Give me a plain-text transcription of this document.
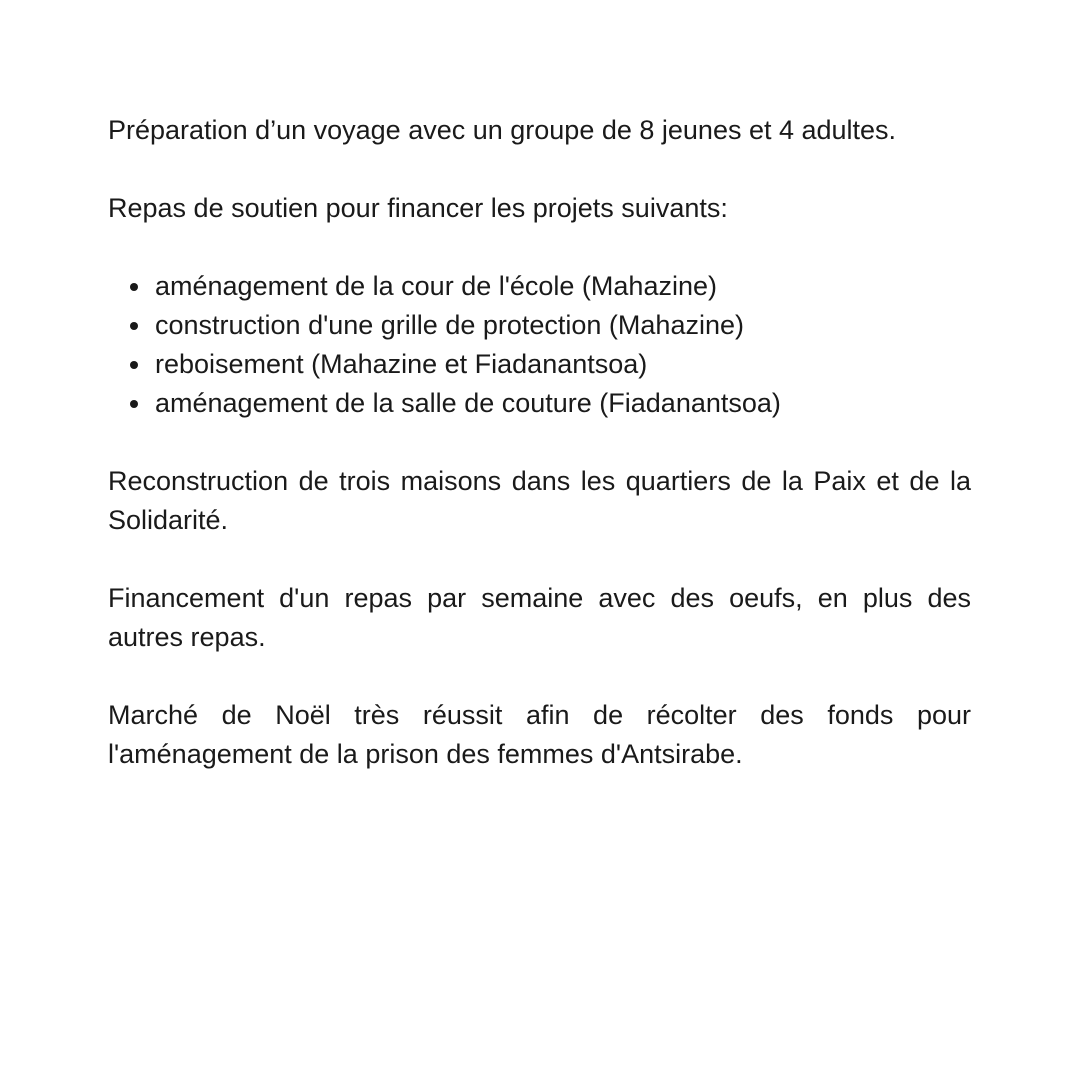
Préparation d’un voyage avec un groupe de 8 jeunes et 4 adultes.

Repas de soutien pour financer les projets suivants:

aménagement de la cour de l'école (Mahazine)
construction d'une grille de protection (Mahazine)
reboisement (Mahazine et Fiadanantsoa)
aménagement de la salle de couture (Fiadanantsoa)

Reconstruction de trois maisons dans les quartiers de la Paix et de la Solidarité.

Financement d'un repas par semaine avec des oeufs, en plus des autres repas.

Marché de Noël très réussit afin de récolter des fonds pour l'aménagement de la prison des femmes d'Antsirabe.
